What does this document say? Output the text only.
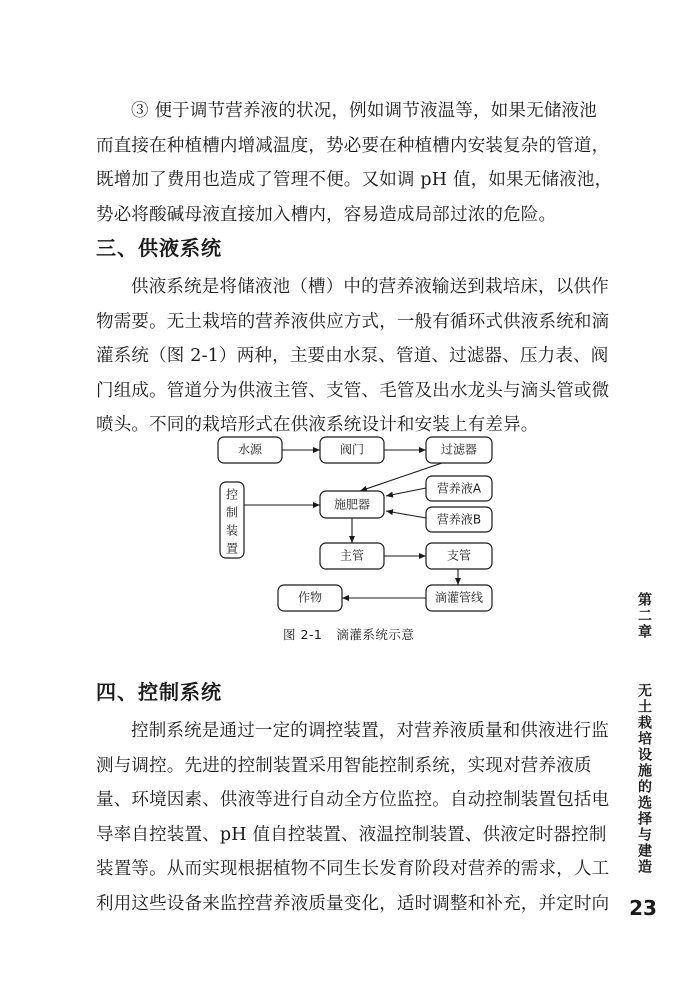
③ 便于调节营养液的状况，例如调节液温等，如果无储液池
而直接在种植槽内增减温度，势必要在种植槽内安装复杂的管道，
既增加了费用也造成了管理不便。又如调 pH 值，如果无储液池，
势必将酸碱母液直接加入槽内，容易造成局部过浓的危险。
三、供液系统
供液系统是将储液池（槽）中的营养液输送到栽培床，以供作
物需要。无土栽培的营养液供应方式，一般有循环式供液系统和滴
灌系统（图 2-1）两种，主要由水泵、管道、过滤器、压力表、阀
门组成。管道分为供液主管、支管、毛管及出水龙头与滴头管或微
喷头。不同的栽培形式在供液系统设计和安装上有差异。
水源	阀门	过滤器
控
制
装
置
施肥器
营养液A
营养液B
主管	支管
作物	滴灌管线
图 2-1 滴灌系统示意
四、控制系统
控制系统是通过一定的调控装置，对营养液质量和供液进行监
测与调控。先进的控制装置采用智能控制系统，实现对营养液质
量、环境因素、供液等进行自动全方位监控。自动控制装置包括电
导率自控装置、pH 值自控装置、液温控制装置、供液定时器控制
装置等。从而实现根据植物不同生长发育阶段对营养的需求，人工
利用这些设备来监控营养液质量变化，适时调整和补充，并定时向
第二章
无土栽培设施的选择与建造
23
